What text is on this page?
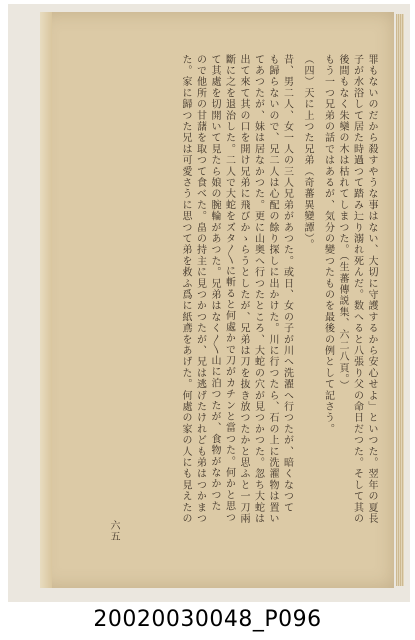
罪もないのだから殺すやうな事はない、大切に守護するから安心せよ」といつた。翌年の夏長

子が水浴して居た時過つて踏み辷り溺れ死んだ。数へると八張り父の命日だつた。そして其の

後間もなく朱欒の木は枯れてしまつた。（生蕃傳説集、六二八頁。）

もう一つ兄弟の話ではあるが、気分の變つたものを最後の例として記さう。

（四）天に上つた兄弟（奇蕃異變譚）。

昔、男二人、女一人の三人兄弟があつた。或日、女の子が川へ洗濯へ行つたが、暗くなつて

も歸らないので、兄二人は心配の餘り探しに出かけた。川に行つたら、石の上に洗濯物は置い

てあつたが、妹は居なかつた。更に山奥へ行つたところ、大蛇の穴が見つかつた。忽ち大蛇は

出て來て其の口を開け兄弟に飛びかゝらうとしたが、兄弟は刀を抜き放つたかと思ふと一刀兩

斷に之を退治した。二人で大蛇をズタ〳〵に斬ると何處かで刀がカチンと當つた。何かと思つ

て其處を切開いて見たら娘の腕輪があつた。兄弟はなく〳〵山に泊つたが、食物がなかつた

ので他所の甘藷を取つて食べた。畠の持主に見つかつたが、兄は逃げたけれども弟はつかまつ

た。家に歸つた兄は可愛さうに思つて弟を救ふ爲に紙鳶をあげた。何處の家の人にも見えたの

六五
20020030048_P096
